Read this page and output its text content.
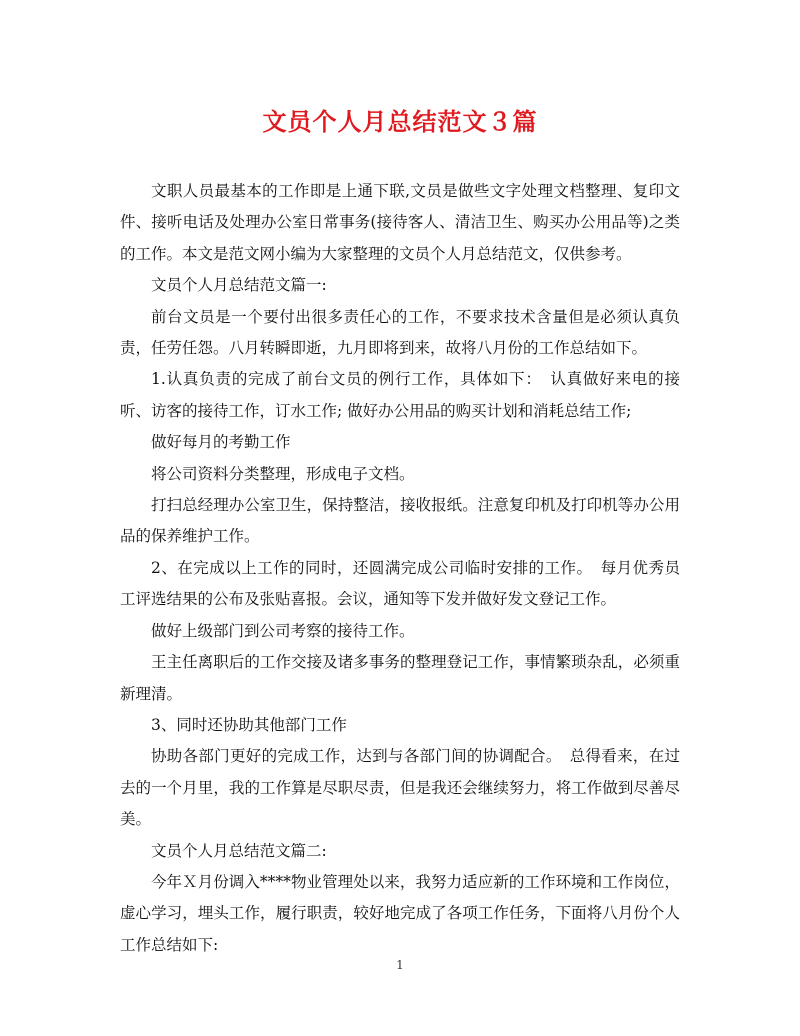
文员个人月总结范文３篇

文职人员最基本的工作即是上通下联,文员是做些文字处理文档整理、复印文件、接听电话及处理办公室日常事务(接待客人、清洁卫生、购买办公用品等)之类的工作。本文是范文网小编为大家整理的文员个人月总结范文，仅供参考。

文员个人月总结范文篇一:

前台文员是一个要付出很多责任心的工作，不要求技术含量但是必须认真负责，任劳任怨。八月转瞬即逝，九月即将到来，故将八月份的工作总结如下。

1.认真负责的完成了前台文员的例行工作，具体如下：　认真做好来电的接听、访客的接待工作，订水工作; 做好办公用品的购买计划和消耗总结工作;

做好每月的考勤工作

将公司资料分类整理，形成电子文档。

打扫总经理办公室卫生，保持整洁，接收报纸。注意复印机及打印机等办公用品的保养维护工作。

2、在完成以上工作的同时，还圆满完成公司临时安排的工作。　每月优秀员工评选结果的公布及张贴喜报。会议，通知等下发并做好发文登记工作。

做好上级部门到公司考察的接待工作。

王主任离职后的工作交接及诸多事务的整理登记工作，事情繁琐杂乱，必须重新理清。

3、同时还协助其他部门工作

协助各部门更好的完成工作，达到与各部门间的协调配合。　总得看来，在过去的一个月里，我的工作算是尽职尽责，但是我还会继续努力，将工作做到尽善尽美。

文员个人月总结范文篇二:

今年Ｘ月份调入****物业管理处以来，我努力适应新的工作环境和工作岗位，虚心学习，埋头工作，履行职责，较好地完成了各项工作任务，下面将八月份个人工作总结如下:

1
